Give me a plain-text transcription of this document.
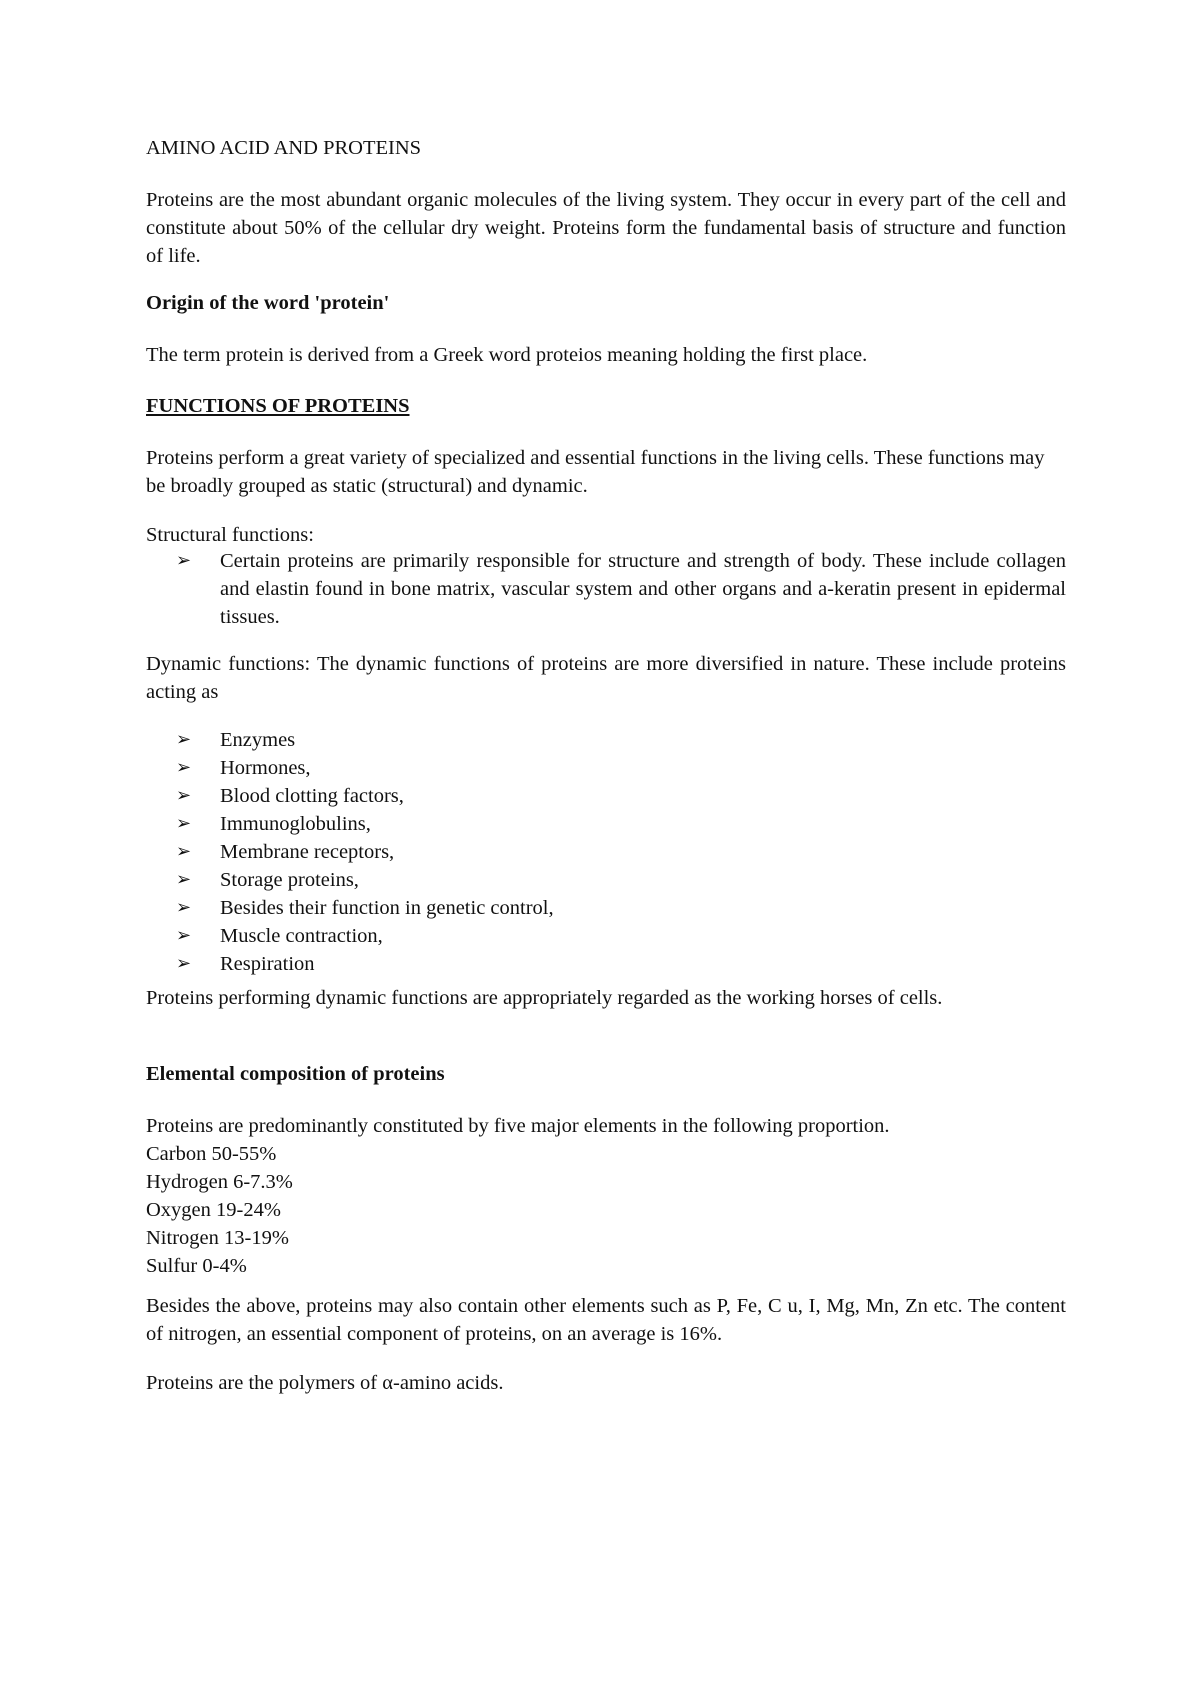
AMINO ACID AND PROTEINS

Proteins are the most abundant organic molecules of the living system. They occur in every part of the cell and constitute about 50% of the cellular dry weight. Proteins form the fundamental basis of structure and function of life.

Origin of the word 'protein'

The term protein is derived from a Greek word proteios meaning holding the first place.

FUNCTIONS OF PROTEINS

Proteins perform a great variety of specialized and essential functions in the living cells. These functions may be broadly grouped as static (structural) and dynamic.

Structural functions:

➢	Certain proteins are primarily responsible for structure and strength of body. These include collagen and elastin found in bone matrix, vascular system and other organs and a-keratin present in epidermal tissues.

Dynamic functions: The dynamic functions of proteins are more diversified in nature. These include proteins acting as

➢	Enzymes
➢	Hormones,
➢	Blood clotting factors,
➢	Immunoglobulins,
➢	Membrane receptors,
➢	Storage proteins,
➢	Besides their function in genetic control,
➢	Muscle contraction,
➢	Respiration

Proteins performing dynamic functions are appropriately regarded as the working horses of cells.

Elemental composition of proteins

Proteins are predominantly constituted by five major elements in the following proportion.

Carbon 50-55%
Hydrogen 6-7.3%
Oxygen 19-24%
Nitrogen 13-19%
Sulfur 0-4%

Besides the above, proteins may also contain other elements such as P, Fe, C u, I, Mg, Mn, Zn etc. The content of nitrogen, an essential component of proteins, on an average is 16%.

Proteins are the polymers of α-amino acids.
